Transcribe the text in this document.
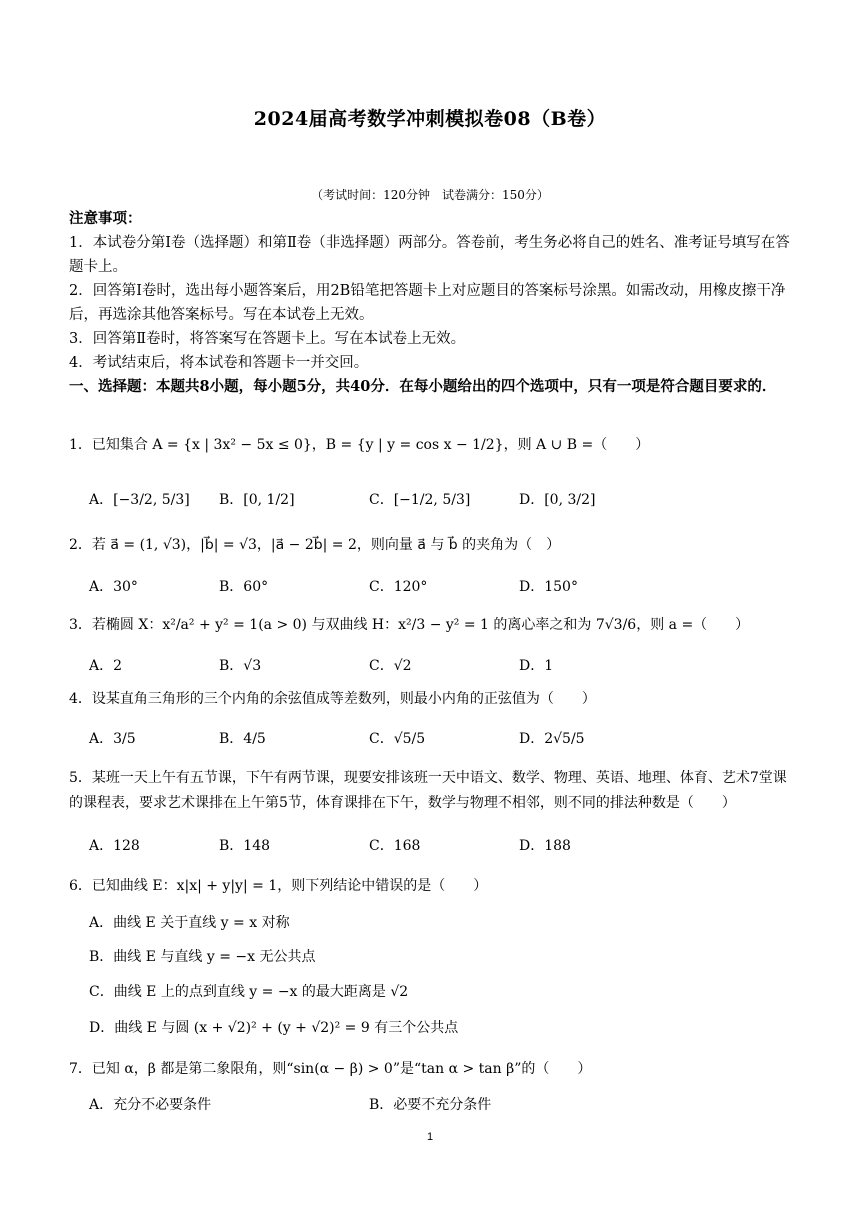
2024届高考数学冲刺模拟卷08（B卷）
（考试时间：120分钟　试卷满分：150分）
注意事项：
1．本试卷分第Ⅰ卷（选择题）和第Ⅱ卷（非选择题）两部分。答卷前，考生务必将自己的姓名、准考证号填写在答题卡上。
2．回答第Ⅰ卷时，选出每小题答案后，用2B铅笔把答题卡上对应题目的答案标号涂黑。如需改动，用橡皮擦干净后，再选涂其他答案标号。写在本试卷上无效。
3．回答第Ⅱ卷时，将答案写在答题卡上。写在本试卷上无效。
4．考试结束后，将本试卷和答题卡一并交回。
一、选择题：本题共8小题，每小题5分，共40分．在每小题给出的四个选项中，只有一项是符合题目要求的．
1．已知集合 A = {x | 3x² − 5x ≤ 0}，B = {y | y = cos x − 1/2}，则 A ∪ B =（　　）
A．[−3/2, 5/3] B．[0, 1/2]	C．[−1/2, 5/3]	D．[0, 3/2]
2．若 a⃗ = (1, √3)，|b⃗| = √3，|a⃗ − 2b⃗| = 2，则向量 a⃗ 与 b⃗ 的夹角为（　）
A．30°	B．60°	C．120°	D．150°
3．若椭圆 X：x²/a² + y² = 1(a > 0) 与双曲线 H：x²/3 − y² = 1 的离心率之和为 7√3/6，则 a =（　　）
A．2	B．√3	C．√2	D．1
4．设某直角三角形的三个内角的余弦值成等差数列，则最小内角的正弦值为（　　）
A．3/5	B．4/5	C．√5/5	D．2√5/5
5．某班一天上午有五节课，下午有两节课，现要安排该班一天中语文、数学、物理、英语、地理、体育、艺术7堂课的课程表，要求艺术课排在上午第5节，体育课排在下午，数学与物理不相邻，则不同的排法种数是（　　）
A．128	B．148	C．168	D．188
6．已知曲线 E：x|x| + y|y| = 1，则下列结论中错误的是（　　）
A．曲线 E 关于直线 y = x 对称
B．曲线 E 与直线 y = −x 无公共点
C．曲线 E 上的点到直线 y = −x 的最大距离是 √2
D．曲线 E 与圆 (x + √2)² + (y + √2)² = 9 有三个公共点
7．已知 α，β 都是第二象限角，则“sin(α − β) > 0”是“tan α > tan β”的（　　）
A．充分不必要条件	B．必要不充分条件
1
